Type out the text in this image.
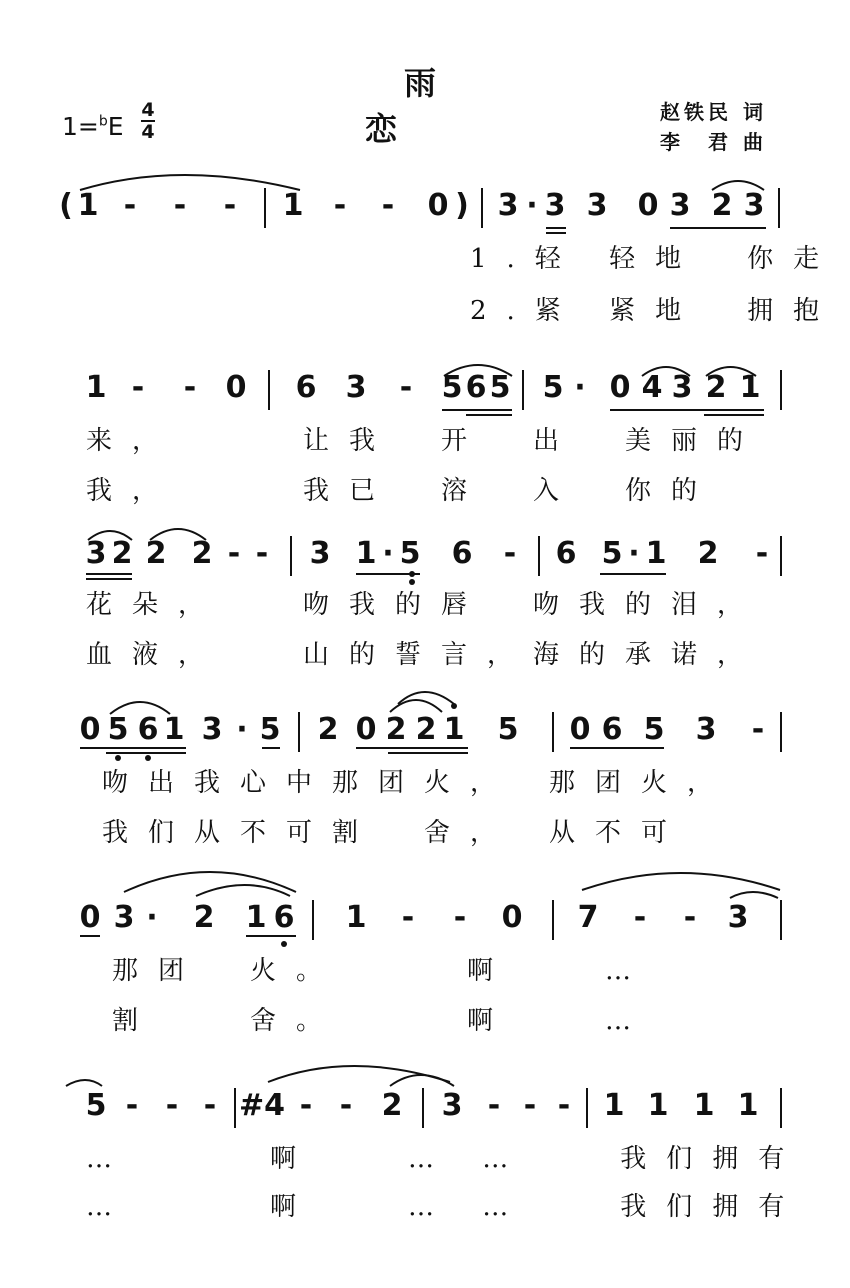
雨　恋
1=$^b$E
4
4
赵铁民 词
李　君 曲
( 1 - - - 1 - - 0 ) 3 · 3 3 0 3 2 3
1.轻 轻地　你走
2.紧 紧地　拥抱
1 - - 0 6 3 - 5 6 5 5 · 0 4 3 2 1
来，　　　让我　开　出　美丽的
我，　　　我已　溶　入　你的
3 2 2 2 - - 3 1 · 5 6 - 6 5 · 1 2 -
花朵，　　吻我的唇　吻我的泪，
血液，　　山的誓言，海的承诺，
0 5 6 1 3 · 5 2 0 2 2 1 5 0 6 5 3 -
吻出我心中那团火，　那团火，
我们从不可割　舍，　从不可
0 3 · 2 1 6 1 - - 0 7 - - 3
那团　火。　　　啊　　…
割　　舍。　　　啊　　…
5 - - - #4 - - 2 3 - - - 1 1 1 1
…　　　啊　　… …　　我们拥有
…　　　啊　　… …　　我们拥有
